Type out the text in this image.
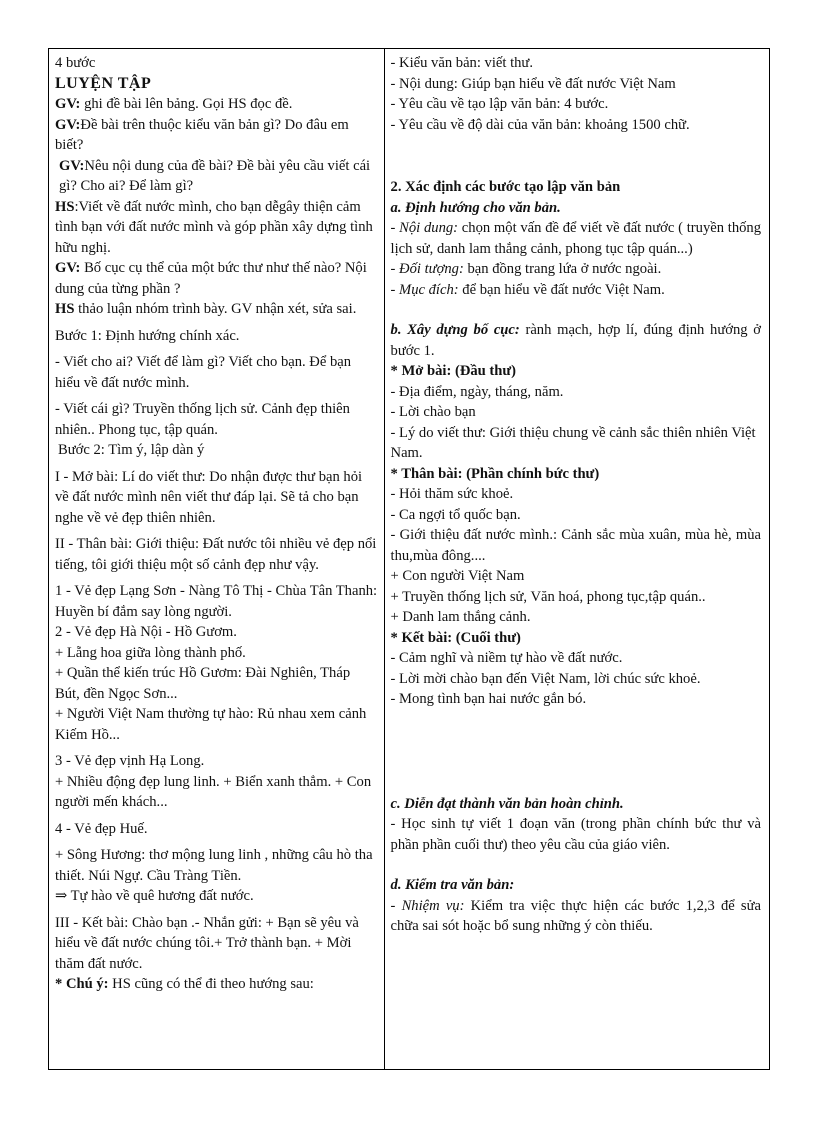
4 bước

LUYỆN TẬP

GV: ghi đề bài lên bảng. Gọi HS đọc đề.

GV:Đề bài trên thuộc kiểu văn bản gì? Do đâu em biết?

GV:Nêu nội dung của đề bài? Đề bài yêu cầu viết cái gì? Cho ai? Để làm gì?

HS:Viết về đất nước mình, cho bạn dễgây thiện cảm tình bạn với đất nước mình và góp phần xây dựng tình hữu nghị.

GV: Bố cục cụ thể của một bức thư như thế nào? Nội dung của từng phần ?

HS thảo luận nhóm trình bày. GV nhận xét, sửa sai.

Bước 1: Định hướng chính xác.

- Viết cho ai? Viết để làm gì? Viết cho bạn. Để bạn hiểu về đất nước mình.

- Viết cái gì? Truyền thống lịch sử. Cảnh đẹp thiên nhiên.. Phong tục, tập quán.

Bước 2: Tìm ý, lập dàn ý

I - Mở bài: Lí do viết thư: Do nhận được thư bạn hỏi về đất nước mình nên viết thư đáp lại. Sẽ tả cho bạn nghe về vẻ đẹp thiên nhiên.

II - Thân bài: Giới thiệu: Đất nước tôi nhiều vẻ đẹp nổi tiếng, tôi giới thiệu một số cảnh đẹp như vậy.

1 - Vẻ đẹp Lạng Sơn - Nàng Tô Thị - Chùa Tân Thanh: Huyền bí đắm say lòng người.

2 - Vẻ đẹp Hà Nội - Hồ Gươm.

+ Lẵng hoa giữa lòng thành phố.

+ Quần thể kiến trúc Hồ Gươm: Đài Nghiên, Tháp Bút, đền Ngọc Sơn...

+ Người Việt Nam thường tự hào: Rủ nhau xem cảnh Kiếm Hồ...

3 - Vẻ đẹp vịnh Hạ Long.

+ Nhiều động đẹp lung linh. + Biển xanh thẳm. + Con người mến khách...

4 - Vẻ đẹp Huế.

+ Sông Hương: thơ mộng lung linh , những câu hò tha thiết. Núi Ngự. Cầu Tràng Tiền.

⇒ Tự hào về quê hương đất nước.

III - Kết bài: Chào bạn .- Nhắn gửi: + Bạn sẽ yêu và hiểu về đất nước chúng tôi.+ Trở thành bạn. + Mời thăm đất nước.

* Chú ý: HS cũng có thể đi theo hướng sau:

- Kiểu văn bản: viết thư.

- Nội dung: Giúp bạn hiểu về đất nước Việt Nam

- Yêu cầu về tạo lập văn bản: 4 bước.

- Yêu cầu về độ dài của văn bản: khoảng 1500 chữ.

2. Xác định các bước tạo lập văn bản

a. Định hướng cho văn bản.

- Nội dung: chọn một vấn đề để viết về đất nước ( truyền thống lịch sử, danh lam thắng cảnh, phong tục tập quán...)

- Đối tượng: bạn đồng trang lứa ở nước ngoài.

- Mục đích: để bạn hiểu về đất nước Việt Nam.

b. Xây dựng bố cục: rành mạch, hợp lí, đúng định hướng ở bước 1.

* Mở bài: (Đầu thư)

- Địa điểm, ngày, tháng, năm.

- Lời chào bạn

- Lý do viết thư: Giới thiệu chung về cảnh sắc thiên nhiên Việt Nam.

* Thân bài: (Phần chính bức thư)

- Hỏi thăm sức khoẻ.

- Ca ngợi tổ quốc bạn.

- Giới thiệu đất nước mình.: Cảnh sắc mùa xuân, mùa hè, mùa thu,mùa đông....

+ Con người Việt Nam

+ Truyền thống lịch sử, Văn hoá, phong tục,tập quán..

+ Danh lam thắng cảnh.

* Kết bài: (Cuối thư)

- Cảm nghĩ và niềm tự hào về đất nước.

- Lời mời chào bạn đến Việt Nam, lời chúc sức khoẻ.

- Mong tình bạn hai nước gắn bó.

c. Diễn đạt thành văn bản hoàn chỉnh.

- Học sinh tự viết 1 đoạn văn (trong phần chính bức thư và phần phần cuối thư) theo yêu cầu của giáo viên.

d. Kiểm tra văn bản:

- Nhiệm vụ: Kiểm tra việc thực hiện các bước 1,2,3 để sửa chữa sai sót hoặc bổ sung những ý còn thiếu.
